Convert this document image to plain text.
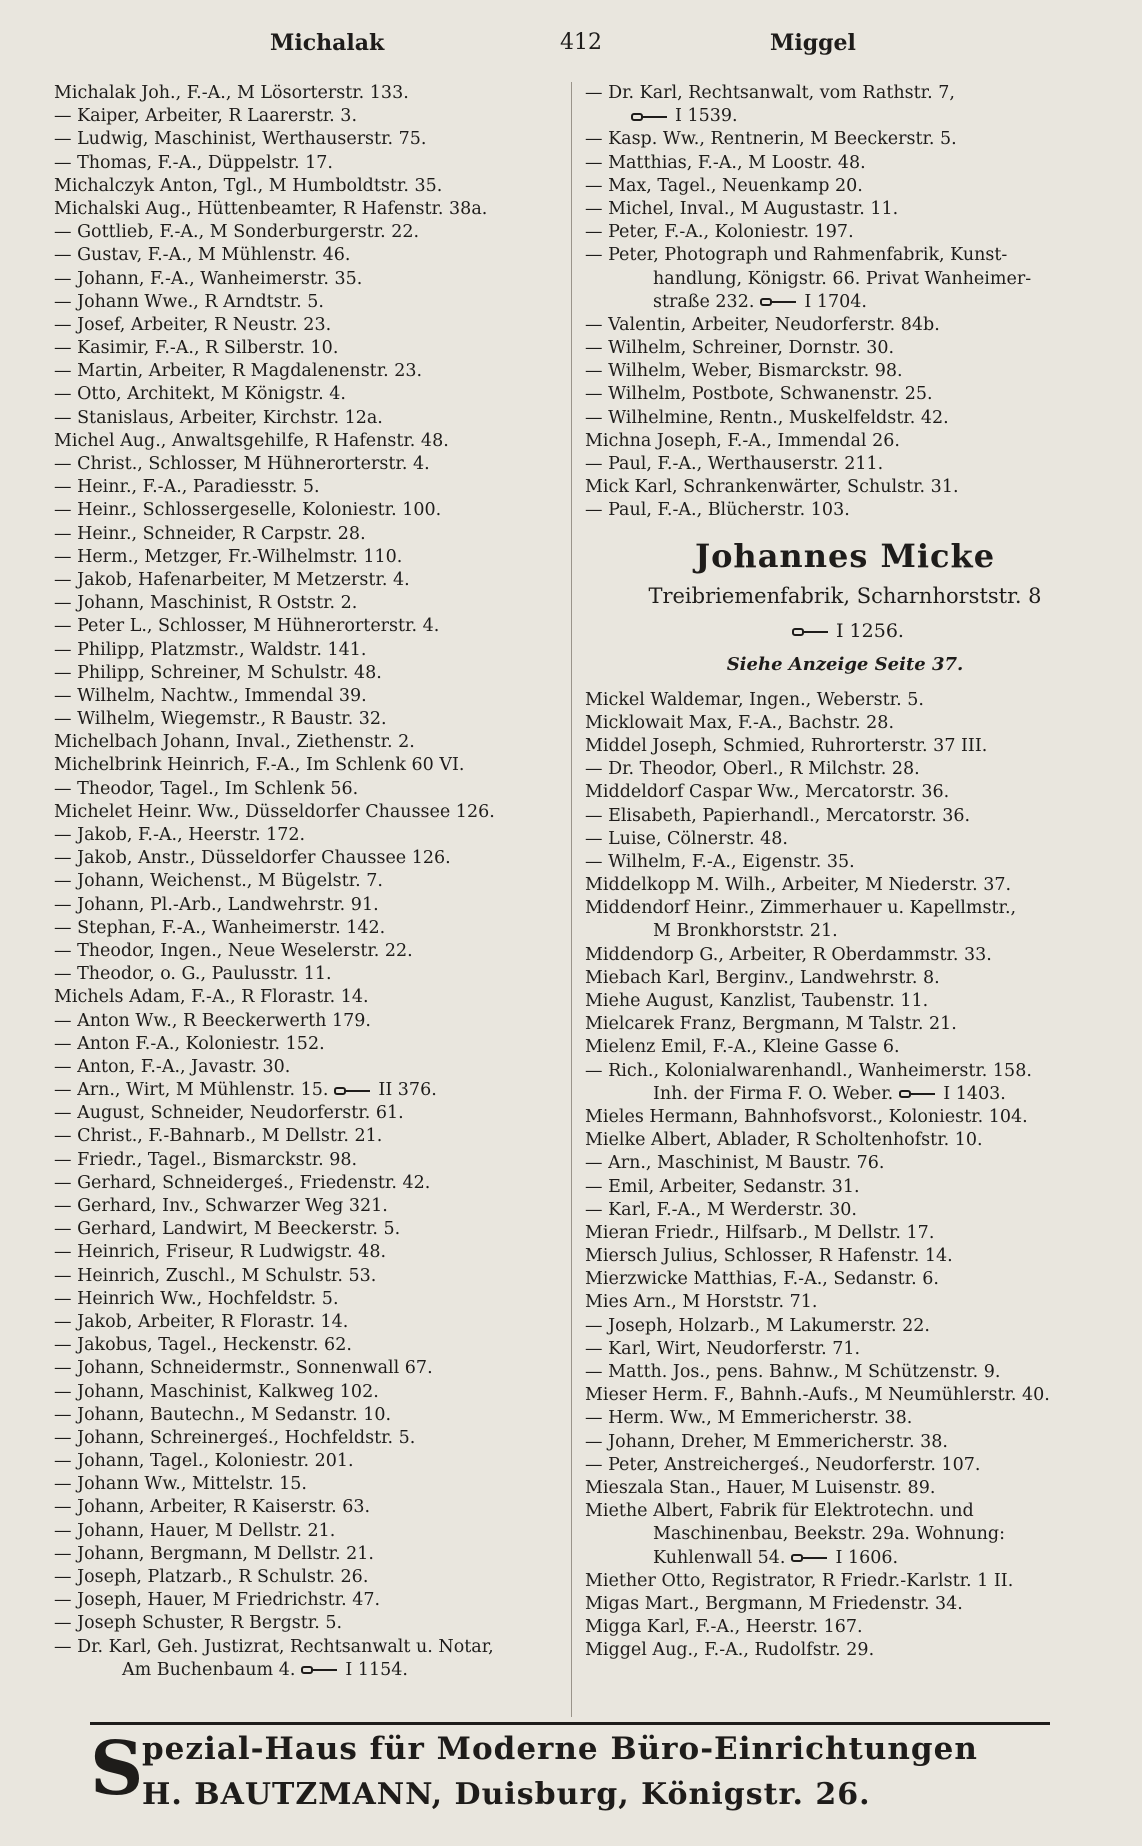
Michalak	412	Miggel
Michalak Joh., F.-A., M Lösorterstr. 133.
— Kaiper, Arbeiter, R Laarerstr. 3.
— Ludwig, Maschinist, Werthauserstr. 75.
— Thomas, F.-A., Düppelstr. 17.
Michalczyk Anton, Tgl., M Humboldtstr. 35.
Michalski Aug., Hüttenbeamter, R Hafenstr. 38a.
— Gottlieb, F.-A., M Sonderburgerstr. 22.
— Gustav, F.-A., M Mühlenstr. 46.
— Johann, F.-A., Wanheimerstr. 35.
— Johann Wwe., R Arndtstr. 5.
— Josef, Arbeiter, R Neustr. 23.
— Kasimir, F.-A., R Silberstr. 10.
— Martin, Arbeiter, R Magdalenenstr. 23.
— Otto, Architekt, M Königstr. 4.
— Stanislaus, Arbeiter, Kirchstr. 12a.
Michel Aug., Anwaltsgehilfe, R Hafenstr. 48.
— Christ., Schlosser, M Hühnerorterstr. 4.
— Heinr., F.-A., Paradiesstr. 5.
— Heinr., Schlossergeselle, Koloniestr. 100.
— Heinr., Schneider, R Carpstr. 28.
— Herm., Metzger, Fr.-Wilhelmstr. 110.
— Jakob, Hafenarbeiter, M Metzerstr. 4.
— Johann, Maschinist, R Oststr. 2.
— Peter L., Schlosser, M Hühnerorterstr. 4.
— Philipp, Platzmstr., Waldstr. 141.
— Philipp, Schreiner, M Schulstr. 48.
— Wilhelm, Nachtw., Immendal 39.
— Wilhelm, Wiegemstr., R Baustr. 32.
Michelbach Johann, Inval., Ziethenstr. 2.
Michelbrink Heinrich, F.-A., Im Schlenk 60 VI.
— Theodor, Tagel., Im Schlenk 56.
Michelet Heinr. Ww., Düsseldorfer Chaussee 126.
— Jakob, F.-A., Heerstr. 172.
— Jakob, Anstr., Düsseldorfer Chaussee 126.
— Johann, Weichenst., M Bügelstr. 7.
— Johann, Pl.-Arb., Landwehrstr. 91.
— Stephan, F.-A., Wanheimerstr. 142.
— Theodor, Ingen., Neue Weselerstr. 22.
— Theodor, o. G., Paulusstr. 11.
Michels Adam, F.-A., R Florastr. 14.
— Anton Ww., R Beeckerwerth 179.
— Anton F.-A., Koloniestr. 152.
— Anton, F.-A., Javastr. 30.
— Arn., Wirt, M Mühlenstr. 15.	II 376.
— August, Schneider, Neudorferstr. 61.
— Christ., F.-Bahnarb., M Dellstr. 21.
— Friedr., Tagel., Bismarckstr. 98.
— Gerhard, Schneidergeś., Friedenstr. 42.
— Gerhard, Inv., Schwarzer Weg 321.
— Gerhard, Landwirt, M Beeckerstr. 5.
— Heinrich, Friseur, R Ludwigstr. 48.
— Heinrich, Zuschl., M Schulstr. 53.
— Heinrich Ww., Hochfeldstr. 5.
— Jakob, Arbeiter, R Florastr. 14.
— Jakobus, Tagel., Heckenstr. 62.
— Johann, Schneidermstr., Sonnenwall 67.
— Johann, Maschinist, Kalkweg 102.
— Johann, Bautechn., M Sedanstr. 10.
— Johann, Schreinergeś., Hochfeldstr. 5.
— Johann, Tagel., Koloniestr. 201.
— Johann Ww., Mittelstr. 15.
— Johann, Arbeiter, R Kaiserstr. 63.
— Johann, Hauer, M Dellstr. 21.
— Johann, Bergmann, M Dellstr. 21.
— Joseph, Platzarb., R Schulstr. 26.
— Joseph, Hauer, M Friedrichstr. 47.
— Joseph Schuster, R Bergstr. 5.
— Dr. Karl, Geh. Justizrat, Rechtsanwalt u. Notar,
Am Buchenbaum 4.	I 1154.
— Dr. Karl, Rechtsanwalt, vom Rathstr. 7,
I 1539.
— Kasp. Ww., Rentnerin, M Beeckerstr. 5.
— Matthias, F.-A., M Loostr. 48.
— Max, Tagel., Neuenkamp 20.
— Michel, Inval., M Augustastr. 11.
— Peter, F.-A., Koloniestr. 197.
— Peter, Photograph und Rahmenfabrik, Kunst-
handlung, Königstr. 66. Privat Wanheimer-
straße 232.	I 1704.
— Valentin, Arbeiter, Neudorferstr. 84b.
— Wilhelm, Schreiner, Dornstr. 30.
— Wilhelm, Weber, Bismarckstr. 98.
— Wilhelm, Postbote, Schwanenstr. 25.
— Wilhelmine, Rentn., Muskelfeldstr. 42.
Michna Joseph, F.-A., Immendal 26.
— Paul, F.-A., Werthauserstr. 211.
Mick Karl, Schrankenwärter, Schulstr. 31.
— Paul, F.-A., Blücherstr. 103.
Johannes Micke
Treibriemenfabrik, Scharnhorststr. 8
I 1256.
Siehe Anzeige Seite 37.
Mickel Waldemar, Ingen., Weberstr. 5.
Micklowait Max, F.-A., Bachstr. 28.
Middel Joseph, Schmied, Ruhrorterstr. 37 III.
— Dr. Theodor, Oberl., R Milchstr. 28.
Middeldorf Caspar Ww., Mercatorstr. 36.
— Elisabeth, Papierhandl., Mercatorstr. 36.
— Luise, Cölnerstr. 48.
— Wilhelm, F.-A., Eigenstr. 35.
Middelkopp M. Wilh., Arbeiter, M Niederstr. 37.
Middendorf Heinr., Zimmerhauer u. Kapellmstr.,
M Bronkhorststr. 21.
Middendorp G., Arbeiter, R Oberdammstr. 33.
Miebach Karl, Berginv., Landwehrstr. 8.
Miehe August, Kanzlist, Taubenstr. 11.
Mielcarek Franz, Bergmann, M Talstr. 21.
Mielenz Emil, F.-A., Kleine Gasse 6.
— Rich., Kolonialwarenhandl., Wanheimerstr. 158.
Inh. der Firma F. O. Weber.	I 1403.
Mieles Hermann, Bahnhofsvorst., Koloniestr. 104.
Mielke Albert, Ablader, R Scholtenhofstr. 10.
— Arn., Maschinist, M Baustr. 76.
— Emil, Arbeiter, Sedanstr. 31.
— Karl, F.-A., M Werderstr. 30.
Mieran Friedr., Hilfsarb., M Dellstr. 17.
Miersch Julius, Schlosser, R Hafenstr. 14.
Mierzwicke Matthias, F.-A., Sedanstr. 6.
Mies Arn., M Horststr. 71.
— Joseph, Holzarb., M Lakumerstr. 22.
— Karl, Wirt, Neudorferstr. 71.
— Matth. Jos., pens. Bahnw., M Schützenstr. 9.
Mieser Herm. F., Bahnh.-Aufs., M Neumühlerstr. 40.
— Herm. Ww., M Emmericherstr. 38.
— Johann, Dreher, M Emmericherstr. 38.
— Peter, Anstreichergeś., Neudorferstr. 107.
Mieszala Stan., Hauer, M Luisenstr. 89.
Miethe Albert, Fabrik für Elektrotechn. und
Maschinenbau, Beekstr. 29a. Wohnung:
Kuhlenwall 54.	I 1606.
Miether Otto, Registrator, R Friedr.-Karlstr. 1 II.
Migas Mart., Bergmann, M Friedenstr. 34.
Migga Karl, F.-A., Heerstr. 167.
Miggel Aug., F.-A., Rudolfstr. 29.
S
pezial-Haus für Moderne Büro-Einrichtungen
H. BAUTZMANN, Duisburg, Königstr. 26.
